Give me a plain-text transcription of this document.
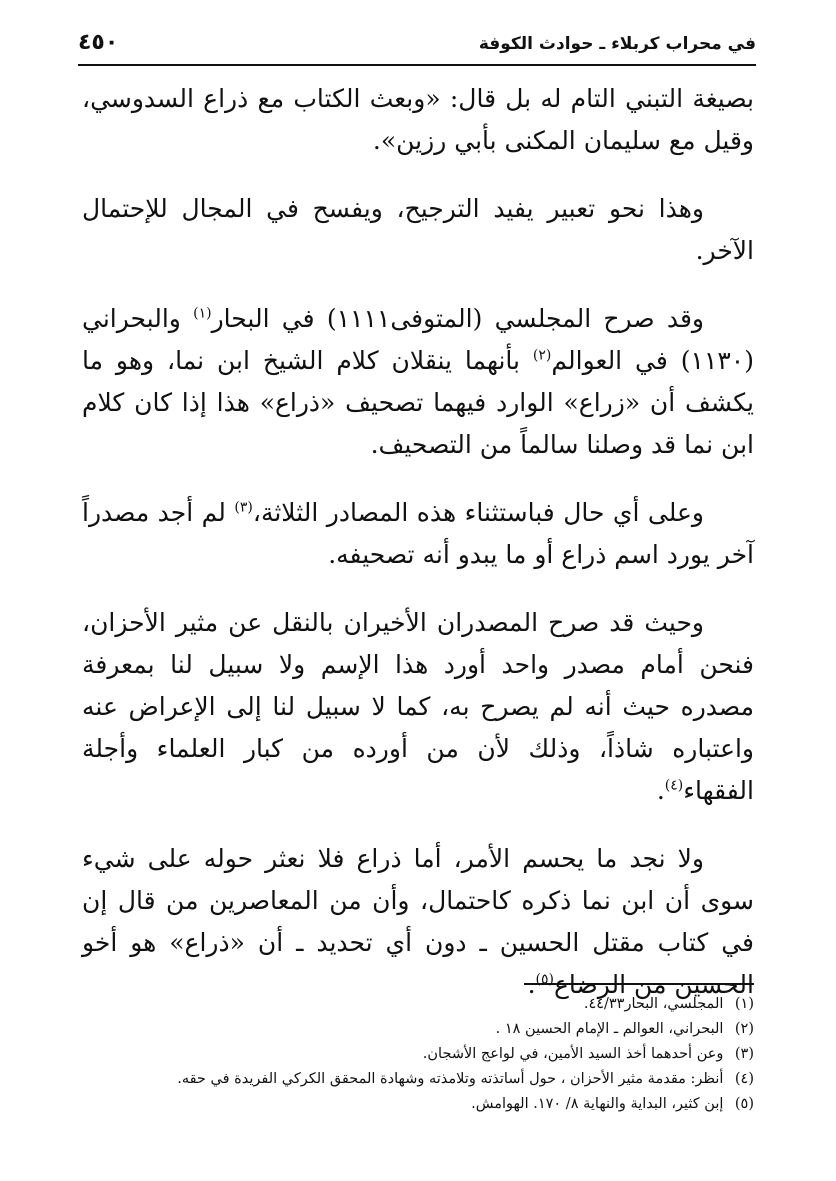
في محراب كربلاء ـ حوادث الكوفة
٤٥٠

بصيغة التبني التام له بل قال: «وبعث الكتاب مع ذراع السدوسي، وقيل مع سليمان المكنى بأبي رزين».

وهذا نحو تعبير يفيد الترجيح، ويفسح في المجال للإحتمال الآخر.

وقد صرح المجلسي (المتوفى١١١١) في البحار$^{(١)}$ والبحراني (١١٣٠) في العوالم$^{(٢)}$ بأنهما ينقلان كلام الشيخ ابن نما، وهو ما يكشف أن «زراع» الوارد فيهما تصحيف «ذراع» هذا إذا كان كلام ابن نما قد وصلنا سالماً من التصحيف.

وعلى أي حال فباستثناء هذه المصادر الثلاثة،$^{(٣)}$ لم أجد مصدراً آخر يورد اسم ذراع أو ما يبدو أنه تصحيفه.

وحيث قد صرح المصدران الأخيران بالنقل عن مثير الأحزان، فنحن أمام مصدر واحد أورد هذا الإسم ولا سبيل لنا بمعرفة مصدره حيث أنه لم يصرح به، كما لا سبيل لنا إلى الإعراض عنه واعتباره شاذاً، وذلك لأن من أورده من كبار العلماء وأجلة الفقهاء$^{(٤)}$.

ولا نجد ما يحسم الأمر، أما ذراع فلا نعثر حوله على شيء سوى أن ابن نما ذكره كاحتمال، وأن من المعاصرين من قال إن في كتاب مقتل الحسين ـ دون أي تحديد ـ أن «ذراع» هو أخو الحسين من الرضاع$^{(٥)}$.

(١) المجلسي، البحار٤٤/٣٣.
(٢) البحراني، العوالم ـ الإمام الحسين ١٨ .
(٣) وعن أحدهما أخذ السيد الأمين، في لواعج الأشجان.
(٤) أنظر: مقدمة مثير الأحزان ، حول أساتذته وتلامذته وشهادة المحقق الكركي الفريدة في حقه.
(٥) إبن كثير، البداية والنهاية ٨/ ١٧٠. الهوامش.
